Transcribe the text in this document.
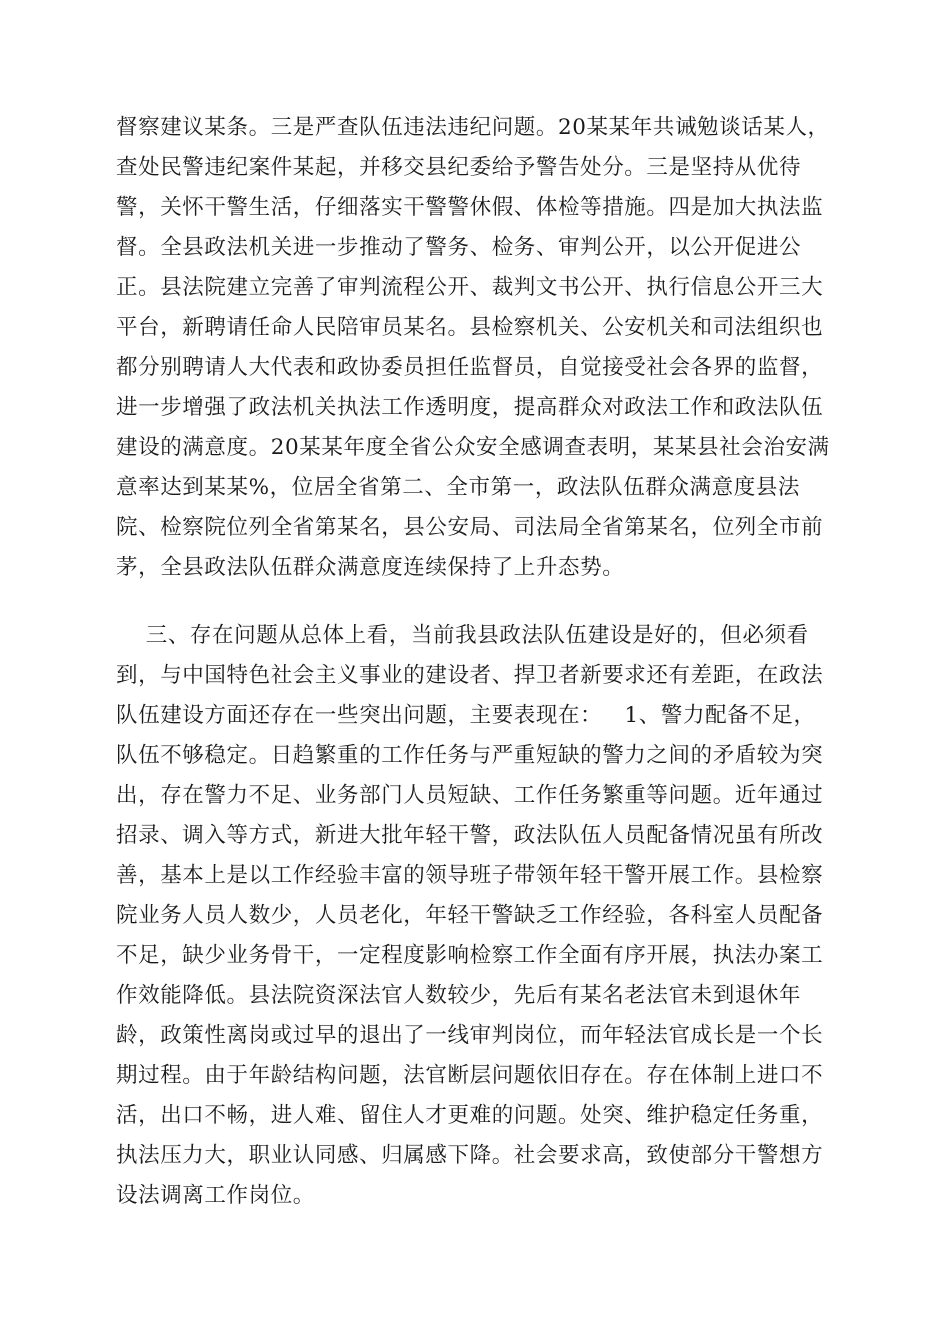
督察建议某条。三是严查队伍违法违纪问题。20某某年共诫勉谈话某人，
查处民警违纪案件某起，并移交县纪委给予警告处分。三是坚持从优待
警，关怀干警生活，仔细落实干警警休假、体检等措施。四是加大执法监
督。全县政法机关进一步推动了警务、检务、审判公开，以公开促进公
正。县法院建立完善了审判流程公开、裁判文书公开、执行信息公开三大
平台，新聘请任命人民陪审员某名。县检察机关、公安机关和司法组织也
都分别聘请人大代表和政协委员担任监督员，自觉接受社会各界的监督，
进一步增强了政法机关执法工作透明度，提高群众对政法工作和政法队伍
建设的满意度。20某某年度全省公众安全感调查表明，某某县社会治安满
意率达到某某%，位居全省第二、全市第一，政法队伍群众满意度县法
院、检察院位列全省第某名，县公安局、司法局全省第某名，位列全市前
茅，全县政法队伍群众满意度连续保持了上升态势。
三、存在问题从总体上看，当前我县政法队伍建设是好的，但必须看
到，与中国特色社会主义事业的建设者、捍卫者新要求还有差距，在政法
队伍建设方面还存在一些突出问题，主要表现在：   1、警力配备不足，
队伍不够稳定。日趋繁重的工作任务与严重短缺的警力之间的矛盾较为突
出，存在警力不足、业务部门人员短缺、工作任务繁重等问题。近年通过
招录、调入等方式，新进大批年轻干警，政法队伍人员配备情况虽有所改
善，基本上是以工作经验丰富的领导班子带领年轻干警开展工作。县检察
院业务人员人数少，人员老化，年轻干警缺乏工作经验，各科室人员配备
不足，缺少业务骨干，一定程度影响检察工作全面有序开展，执法办案工
作效能降低。县法院资深法官人数较少，先后有某名老法官未到退休年
龄，政策性离岗或过早的退出了一线审判岗位，而年轻法官成长是一个长
期过程。由于年龄结构问题，法官断层问题依旧存在。存在体制上进口不
活，出口不畅，进人难、留住人才更难的问题。处突、维护稳定任务重，
执法压力大，职业认同感、归属感下降。社会要求高，致使部分干警想方
设法调离工作岗位。
